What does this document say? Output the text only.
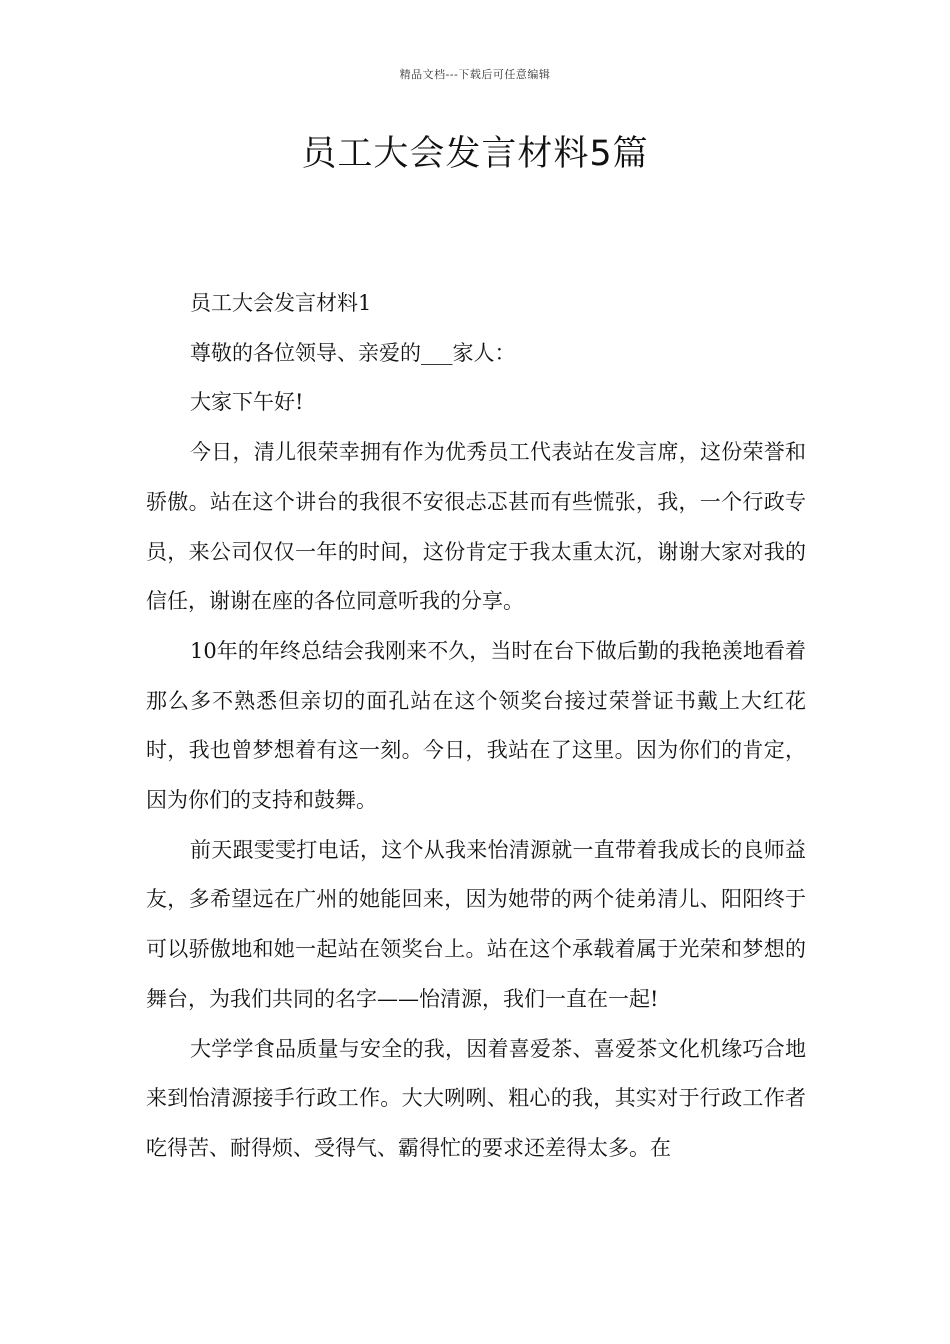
精品文档---下载后可任意编辑
员工大会发言材料5篇

员工大会发言材料1

尊敬的各位领导、亲爱的___家人：

大家下午好!

今日，清儿很荣幸拥有作为优秀员工代表站在发言席，这份荣誉和骄傲。站在这个讲台的我很不安很忐忑甚而有些慌张，我，一个行政专员，来公司仅仅一年的时间，这份肯定于我太重太沉，谢谢大家对我的信任，谢谢在座的各位同意听我的分享。

10年的年终总结会我刚来不久，当时在台下做后勤的我艳羡地看着那么多不熟悉但亲切的面孔站在这个领奖台接过荣誉证书戴上大红花时，我也曾梦想着有这一刻。今日，我站在了这里。因为你们的肯定，因为你们的支持和鼓舞。

前天跟雯雯打电话，这个从我来怡清源就一直带着我成长的良师益友，多希望远在广州的她能回来，因为她带的两个徒弟清儿、阳阳终于可以骄傲地和她一起站在领奖台上。站在这个承载着属于光荣和梦想的舞台，为我们共同的名字——怡清源，我们一直在一起!

大学学食品质量与安全的我，因着喜爱茶、喜爱茶文化机缘巧合地来到怡清源接手行政工作。大大咧咧、粗心的我，其实对于行政工作者吃得苦、耐得烦、受得气、霸得忙的要求还差得太多。在
